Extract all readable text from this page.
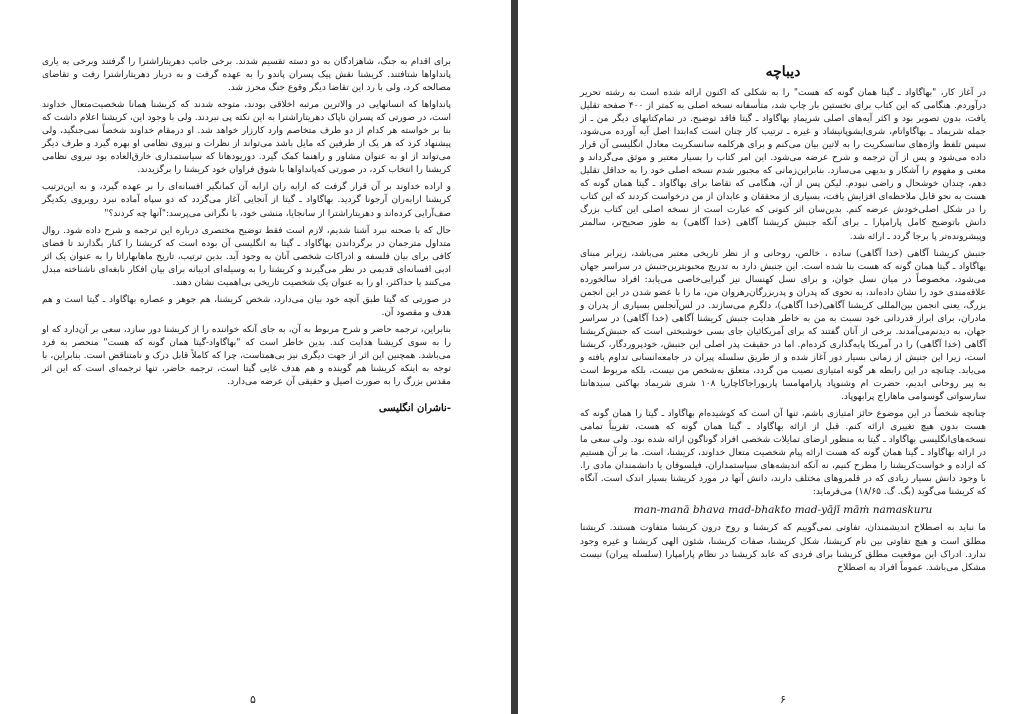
برای اقدام به جنگ، شاهزادگان به دو دسته تقسیم شدند. برخی جانب دهریتاراشترا را گرفتند وبرخی به یاری پانداواها شتافتند. کریشنا نقش پیک پسران پاندو را به عهده گرفت و به دربار دهریتاراشترا رفت و تقاضای مصالحه کرد، ولی با رد این تقاضا دیگر وقوع جنگ محرز شد.

پانداواها که انسانهایی در والاترین مرتبه اخلاقی بودند، متوجه شدند که کریشنا همانا شخصیت‌متعال خداوند است، در صورتی که پسران ناپاک دهریتاراشترا به این نکته پی نبردند. ولی با وجود این، کریشنا اعلام داشت که بنا بر خواسته هر کدام از دو طرف متخاصم وارد کارزار خواهد شد. او درمقام خداوند شخصاً نمی‌جنگید، ولی پیشنهاد کرد که هر یک از طرفین که مایل باشد می‌تواند از نظرات و نیروی نظامی او بهره گیرد و طرف دیگر می‌تواند از او به عنوان مشاور و راهنما کمک گیرد. دوریودهانا که سیاستمداری خارق‌العاده بود نیروی نظامی کریشنا را انتخاب کرد، در صورتی که‌پانداواها با شوق فراوان خود کریشنا را برگزیدند.

و اراده خداوند بر آن قرار گرفت که ارابه ران ارابه آن کمانگیر افسانه‌ای را بر عهده گیرد، و به این‌ترتیب کریشنا ارابه‌ران آرجونا گردید. بهاگاواد ـ گیتا از آنجایی آغاز می‌گردد که دو سپاه آماده نبرد روبروی یکدیگر صف‌آرایی کرده‌اند و دهریتاراشترا از سانجایا، منشی خود، با نگرانی می‌پرسد:"آنها چه کردند؟"

حال که با صحنه نبرد آشنا شدیم، لازم است فقط توضیح مختصری درباره این ترجمه و شرح داده شود. روال متداول مترجمان در برگرداندن بهاگاواد ـ گیتا به انگلیسی آن بوده است که کریشنا را کنار بگذارند تا فضای کافی برای بیان فلسفه و ادراکات شخصی آنان به وجود آید. بدین ترتیب، تاریخ ماهابهاراتا را به عنوان یک اثر ادبی افسانه‌ای قدیمی در نظر می‌گیرند و کریشنا را به وسیله‌ای ادیبانه برای بیان افکار نابغه‌ای ناشناخته مبدل می‌کنند یا حداکثر، او را به عنوان یک شخصیت تاریخی بی‌اهمیت نشان دهند.

در صورتی که گیتا طبق آنچه خود بیان می‌دارد، شخص کریشنا، هم جوهر و عصاره بهاگاواد ـ گیتا است و هم هدف و مقصود آن.

بنابراین، ترجمه حاضر و شرح مربوط به آن، به جای آنکه خواننده را از کریشنا دور سازد، سعی بر آن‌دارد که او را به سوی کریشنا هدایت کند. بدین خاطر است که "بهاگاواد-گیتا همان گونه که هست" منحصر به فرد می‌باشد. همچنین این اثر از جهت دیگری نیز بی‌همتاست، چرا که کاملاً قابل درک و نامتناقض است. بنابراین، با توجه به اینکه کریشنا هم گوینده و هم هدف غایی گیتا است، ترجمه حاضر، تنها ترجمه‌ای است که این اثر مقدس بزرگ را به صورت اصیل و حقیقی آن عرضه می‌دارد.

-ناشران انگلیسی
۵
دیباچه

در آغاز کار، "بهاگاواد ـ گیتا همان گونه که هست" را به شکلی که اکنون ارائه شده است به رشته تحریر درآوردم. هنگامی که این کتاب برای نخستین بار چاپ شد، متأسفانه نسخه اصلی به کمتر از ۴۰۰ صفحه تقلیل یافت، بدون تصویر بود و اکثر آیه‌های اصلی شریمادِ بهاگاواد ـ گیتا فاقد توضیح. در تمام‌کتابهای دیگر من ـ از جمله شریماد ـ بهاگاواتام، شری‌ایشوپانیشاد و غیره ـ ترتیب کار چنان است که‌ابتدا اصل آیه آورده می‌شود، سپس تلفظ واژه‌های سانسکریت را به لاتین بیان می‌کنم و برای هرکلمه سانسکریت معادل انگلیسی آن قرار داده می‌شود و پس از آن ترجمه و شرح عرضه می‌شود. این امر کتاب را بسیار معتبر و موثق می‌گرداند و معنی و مفهوم را آشکار و بدیهی می‌سازد. بنابراین‌زمانی که مجبور شدم نسخه اصلی خود را به حداقل تقلیل دهم، چندان خوشحال و راضی نبودم. لیکن پس از آن، هنگامی که تقاضا برای بهاگاواد ـ گیتا همان گونه که هست به نحو قابل ملاحظه‌ای افزایش یافت، بسیاری از محققان و عابدان از من درخواست کردند که این کتاب را در شکل اصلی‌خودش عرضه کنم. بدین‌سان اثر کنونی که عبارت است از نسخه اصلی این کتاب بزرگ دانش باتوضیح کامل پارامپارا ـ برای آنکه جنبش کریشنا آگاهی (خدا آگاهی) به طور صحیح‌تر، سالمتر وپیشرونده‌تر پا برجا گردد ـ ارائه شد.

جنبش کریشنا آگاهی (خدا آگاهی) ساده ، خالص، روحانی و از نظر تاریخی معتبر می‌باشد، زیرابر مبنای بهاگاواد ـ گیتا همان گونه که هست بنا شده است. این جنبش دارد به تدریج محبوبترین‌جنبش در سراسر جهان می‌شود، مخصوصاً در میان نسل جوان، و برای نسل کهنسال نیز گیرایی‌خاصی می‌یابد: افراد سالخورده علاقه‌مندی خود را نشان داده‌اند، به نحوی که پدران و پدربزرگان‌رهروان من، ما را با عضو شدن در این انجمن بزرگ، یعنی انجمن بین‌المللی کریشنا آگاهی(خدا آگاهی)، دلگرم می‌سازند. در لس‌آنجلس بسیاری از پدران و مادران، برای ابراز قدردانی خود نسبت به من به خاطر هدایت جنبش کریشنا آگاهی (خدا آگاهی) در سراسر جهان، به دیدنم‌می‌آمدند. برخی از آنان گفتند که برای آمریکائیان جای بسی خوشبختی است که جنبش‌کریشنا آگاهی (خدا آگاهی) را در آمریکا پایه‌گذاری کرده‌ام. اما در حقیقت پدر اصلی این جنبش، خودپروردگار، کریشنا است، زیرا این جنبش از زمانی بسیار دور آغاز شده و از طریق سلسله پیران در جامعه‌انسانی تداوم یافته و می‌یابد. چنانچه در این رابطه هر گونه امتیازی نصیب من گردد، متعلق به‌شخص من نیست، بلکه مربوط است به پیر روحانی ابدیم، حضرت ام وشنوپاد پارامهامسا پاریوراجاکاچاریا ۱۰۸ شری شریماد بهاکتی سیدهانتا سارسواتی گوسوامی ماهاراج پرابهوپاد.

چنانچه شخصاً در این موضوع حائز امتیازی باشم، تنها آن است که کوشیده‌ام بهاگاواد ـ گیتا را همان گونه که هست بدون هیچ تغییری ارائه کنم. قبل از ارائه بهاگاواد ـ گیتا همان گونه که هست، تقریباً تمامی نسخه‌های‌انگلیسی بهاگاواد ـ گیتا به منظور ارضای تمایلات شخصی افراد گوناگون ارائه شده بود. ولی سعی ما در ارائه بهاگاواد ـ گیتا همان گونه که هست ارائه پیام شخصیت متعال خداوند، کریشنا، است. ما بر آن هستیم که اراده و خواست‌کریشنا را مطرح کنیم، نه آنکه اندیشه‌های سیاستمداران، فیلسوفان یا دانشمندان مادی را. با وجود دانش بسیار زیادی که در قلمروهای مختلف دارند، دانش آنها در مورد کریشنا بسیار اندک است. آنگاه که کریشنا می‌گوید (بگ. گ. ۱۸/۶۵) می‌فرماید:

man-manā bhava mad-bhakto mad-yājī māṁ namaskuru

ما نباید به اصطلاح اندیشمندان، تفاوتی نمی‌گوییم که کریشنا و روح درون کریشنا متفاوت هستند. کریشنا مطلق است و هیچ تفاوتی بین نام کریشنا، شکل کریشنا، صفات کریشنا، شئون الهی کریشنا و غیره وجود ندارد. ادراک این موقعیت مطلق کریشنا برای فردی که عابد کریشنا در نظام پارامپارا (سلسله پیران) نیست مشکل می‌باشد. عموماً افراد به اصطلاح

۶
